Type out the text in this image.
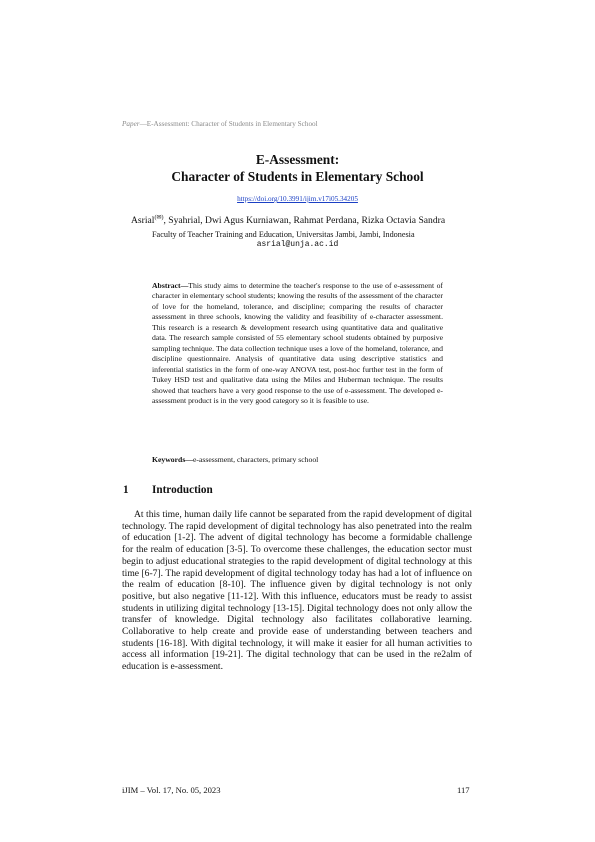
Paper—E-Assessment: Character of Students in Elementary School
E-Assessment:
Character of Students in Elementary School
https://doi.org/10.3991/ijim.v17i05.34205
Asrial(✉), Syahrial, Dwi Agus Kurniawan, Rahmat Perdana, Rizka Octavia Sandra
Faculty of Teacher Training and Education, Universitas Jambi, Jambi, Indonesia
asrial@unja.ac.id
Abstract—This study aims to determine the teacher's response to the use of e-assessment of character in elementary school students; knowing the results of the assessment of the character of love for the homeland, tolerance, and discipline; comparing the results of character assessment in three schools, knowing the validity and feasibility of e-character assessment. This research is a research & development research using quantitative data and qualitative data. The research sample consisted of 55 elementary school students obtained by purposive sampling technique. The data collection technique uses a love of the homeland, tolerance, and discipline questionnaire. Analysis of quantitative data using descriptive statistics and inferential statistics in the form of one-way ANOVA test, post-hoc further test in the form of Tukey HSD test and qualitative data using the Miles and Huberman technique. The results showed that teachers have a very good response to the use of e-assessment. The developed e-assessment product is in the very good category so it is feasible to use.
Keywords—e-assessment, characters, primary school
1 Introduction
At this time, human daily life cannot be separated from the rapid development of digital technology. The rapid development of digital technology has also penetrated into the realm of education [1-2]. The advent of digital technology has become a formidable challenge for the realm of education [3-5]. To overcome these challenges, the education sector must begin to adjust educational strategies to the rapid development of digital technology at this time [6-7]. The rapid development of digital technology today has had a lot of influence on the realm of education [8-10]. The influence given by digital technology is not only positive, but also negative [11-12]. With this influence, educators must be ready to assist students in utilizing digital technology [13-15]. Digital technology does not only allow the transfer of knowledge. Digital technology also facilitates collaborative learning. Collaborative to help create and provide ease of understanding between teachers and students [16-18]. With digital technology, it will make it easier for all human activities to access all information [19-21]. The digital technology that can be used in the re2alm of education is e-assessment.
iJIM ‒ Vol. 17, No. 05, 2023	117
